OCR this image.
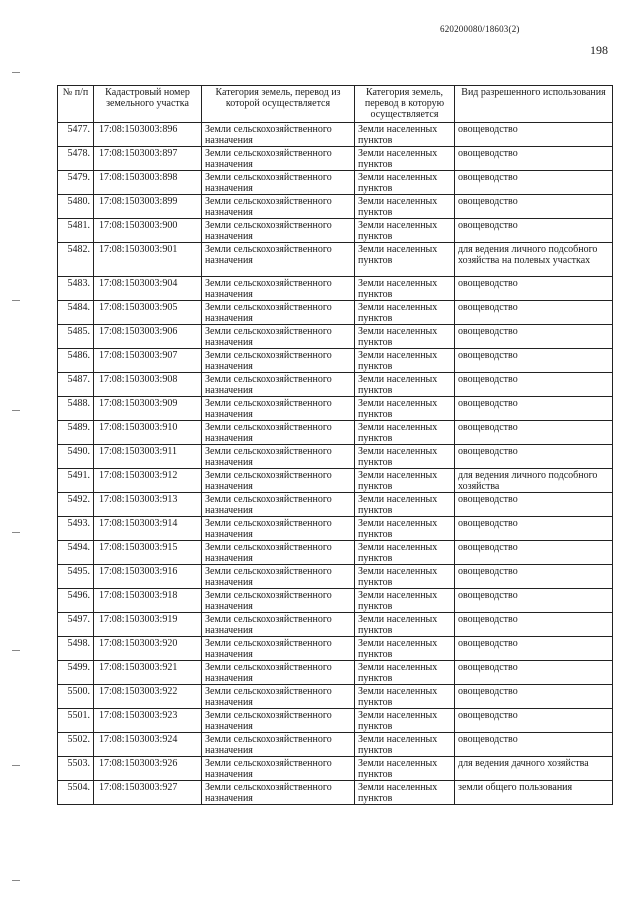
620200080/18603(2)
198
№ п/п	Кадастровый номер земельного участка	Категория земель, перевод из которой осуществляется	Категория земель, перевод в которую осуществляется	Вид разрешенного использования
5477.	17:08:1503003:896	Земли сельскохозяйственного назначения	Земли населенных пунктов	овощеводство
5478.	17:08:1503003:897	Земли сельскохозяйственного назначения	Земли населенных пунктов	овощеводство
5479.	17:08:1503003:898	Земли сельскохозяйственного назначения	Земли населенных пунктов	овощеводство
5480.	17:08:1503003:899	Земли сельскохозяйственного назначения	Земли населенных пунктов	овощеводство
5481.	17:08:1503003:900	Земли сельскохозяйственного назначения	Земли населенных пунктов	овощеводство
5482.	17:08:1503003:901	Земли сельскохозяйственного назначения	Земли населенных пунктов	для ведения личного подсобного хозяйства на полевых участках
5483.	17:08:1503003:904	Земли сельскохозяйственного назначения	Земли населенных пунктов	овощеводство
5484.	17:08:1503003:905	Земли сельскохозяйственного назначения	Земли населенных пунктов	овощеводство
5485.	17:08:1503003:906	Земли сельскохозяйственного назначения	Земли населенных пунктов	овощеводство
5486.	17:08:1503003:907	Земли сельскохозяйственного назначения	Земли населенных пунктов	овощеводство
5487.	17:08:1503003:908	Земли сельскохозяйственного назначения	Земли населенных пунктов	овощеводство
5488.	17:08:1503003:909	Земли сельскохозяйственного назначения	Земли населенных пунктов	овощеводство
5489.	17:08:1503003:910	Земли сельскохозяйственного назначения	Земли населенных пунктов	овощеводство
5490.	17:08:1503003:911	Земли сельскохозяйственного назначения	Земли населенных пунктов	овощеводство
5491.	17:08:1503003:912	Земли сельскохозяйственного назначения	Земли населенных пунктов	для ведения личного подсобного хозяйства
5492.	17:08:1503003:913	Земли сельскохозяйственного назначения	Земли населенных пунктов	овощеводство
5493.	17:08:1503003:914	Земли сельскохозяйственного назначения	Земли населенных пунктов	овощеводство
5494.	17:08:1503003:915	Земли сельскохозяйственного назначения	Земли населенных пунктов	овощеводство
5495.	17:08:1503003:916	Земли сельскохозяйственного назначения	Земли населенных пунктов	овощеводство
5496.	17:08:1503003:918	Земли сельскохозяйственного назначения	Земли населенных пунктов	овощеводство
5497.	17:08:1503003:919	Земли сельскохозяйственного назначения	Земли населенных пунктов	овощеводство
5498.	17:08:1503003:920	Земли сельскохозяйственного назначения	Земли населенных пунктов	овощеводство
5499.	17:08:1503003:921	Земли сельскохозяйственного назначения	Земли населенных пунктов	овощеводство
5500.	17:08:1503003:922	Земли сельскохозяйственного назначения	Земли населенных пунктов	овощеводство
5501.	17:08:1503003:923	Земли сельскохозяйственного назначения	Земли населенных пунктов	овощеводство
5502.	17:08:1503003:924	Земли сельскохозяйственного назначения	Земли населенных пунктов	овощеводство
5503.	17:08:1503003:926	Земли сельскохозяйственного назначения	Земли населенных пунктов	для ведения дачного хозяйства
5504.	17:08:1503003:927	Земли сельскохозяйственного назначения	Земли населенных пунктов	земли общего пользования
